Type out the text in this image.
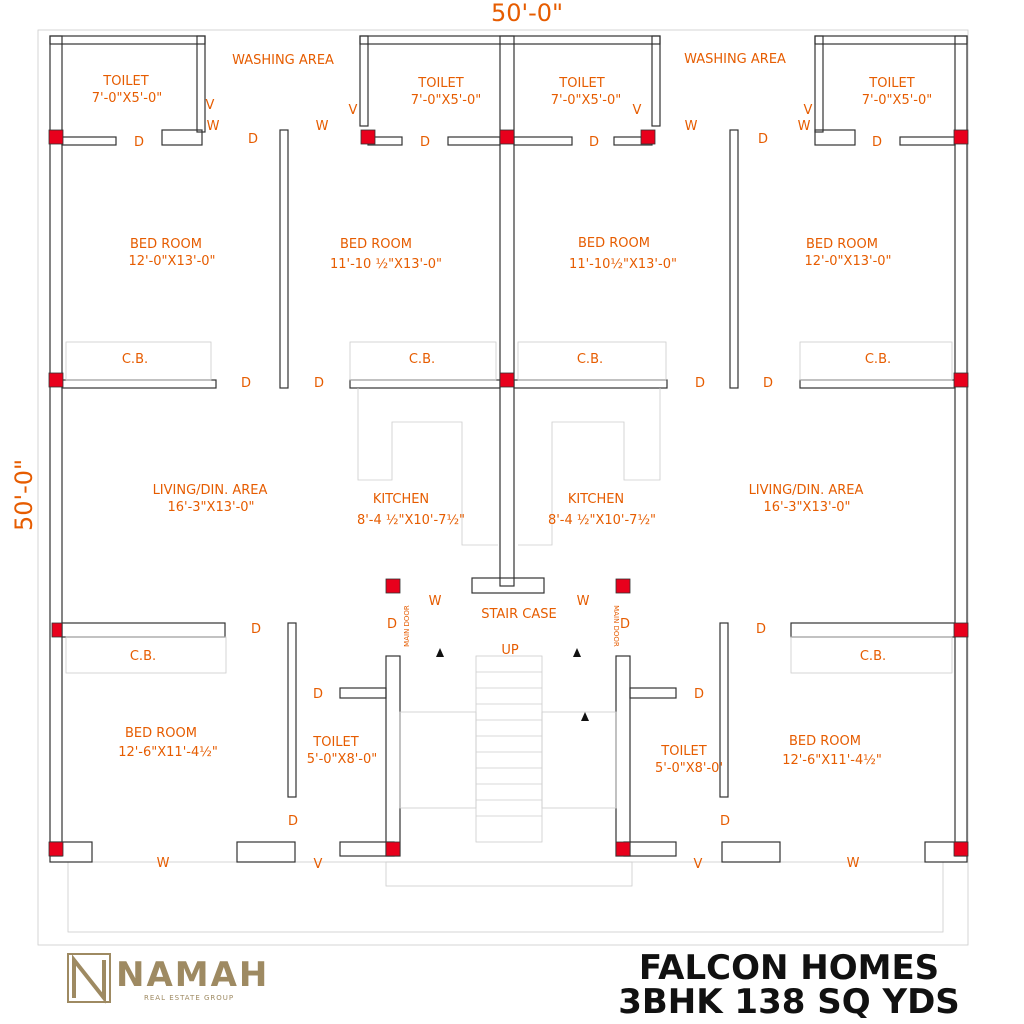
50'-0"
50'-0"
TOILET
7'-0"X5'-0"
TOILET
7'-0"X5'-0"
TOILET
7'-0"X5'-0"
TOILET
7'-0"X5'-0"
WASHING AREA	WASHING AREA
BED ROOM
12'-0"X13'-0"
BED ROOM
11'-10 ½"X13'-0"
BED ROOM
11'-10½"X13'-0"
BED ROOM
12'-0"X13'-0"
C.B.	C.B.	C.B.	C.B.
C.B.	C.B.
LIVING/DIN. AREA
16'-3"X13'-0"
LIVING/DIN. AREA
16'-3"X13'-0"
KITCHEN
8'-4 ½"X10'-7½"
KITCHEN
8'-4 ½"X10'-7½"
STAIR CASE
UP
MAIN DOOR	MAIN DOOR
BED ROOM
12'-6"X11'-4½"
BED ROOM
12'-6"X11'-4½"
TOILET
5'-0"X8'-0"
TOILET
5'-0"X8'-0'
D	D	D	D	D	D
D	D	D	D
D	D
D	D
D	D
D	D
W	W	W	W
W	W
W	W
V	V	V	V
V	V
NAMAH
REAL ESTATE GROUP
FALCON HOMES
3BHK 138 SQ YDS
